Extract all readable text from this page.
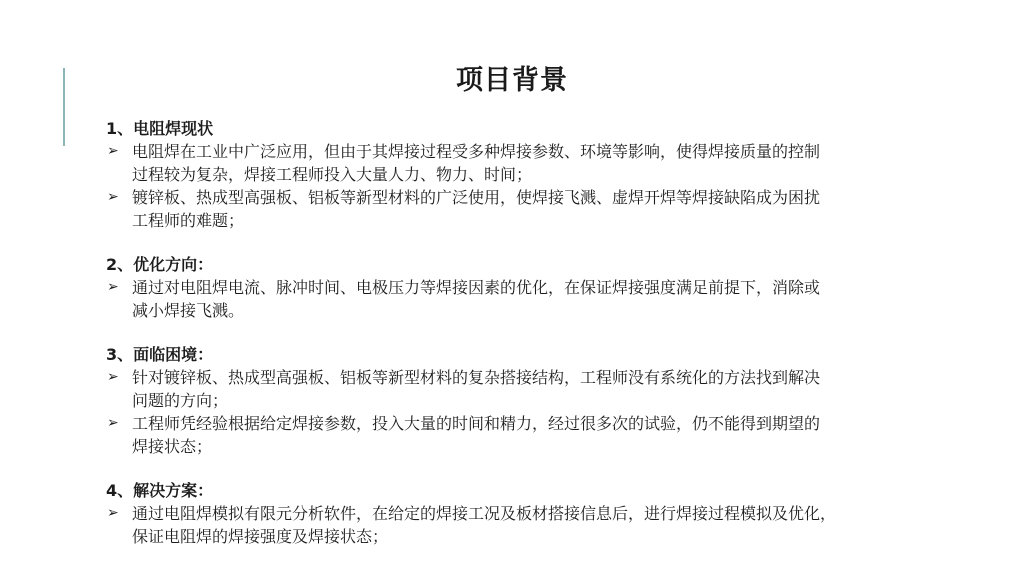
项目背景
1、电阻焊现状
➢ 电阻焊在工业中广泛应用，但由于其焊接过程受多种焊接参数、环境等影响，使得焊接质量的控制
过程较为复杂，焊接工程师投入大量人力、物力、时间；
➢ 镀锌板、热成型高强板、铝板等新型材料的广泛使用，使焊接飞溅、虚焊开焊等焊接缺陷成为困扰
工程师的难题；
2、优化方向：
➢ 通过对电阻焊电流、脉冲时间、电极压力等焊接因素的优化，在保证焊接强度满足前提下，消除或
减小焊接飞溅。
3、面临困境：
➢ 针对镀锌板、热成型高强板、铝板等新型材料的复杂搭接结构，工程师没有系统化的方法找到解决
问题的方向；
➢ 工程师凭经验根据给定焊接参数，投入大量的时间和精力，经过很多次的试验，仍不能得到期望的
焊接状态；
4、解决方案：
➢ 通过电阻焊模拟有限元分析软件，在给定的焊接工况及板材搭接信息后，进行焊接过程模拟及优化，
保证电阻焊的焊接强度及焊接状态；
